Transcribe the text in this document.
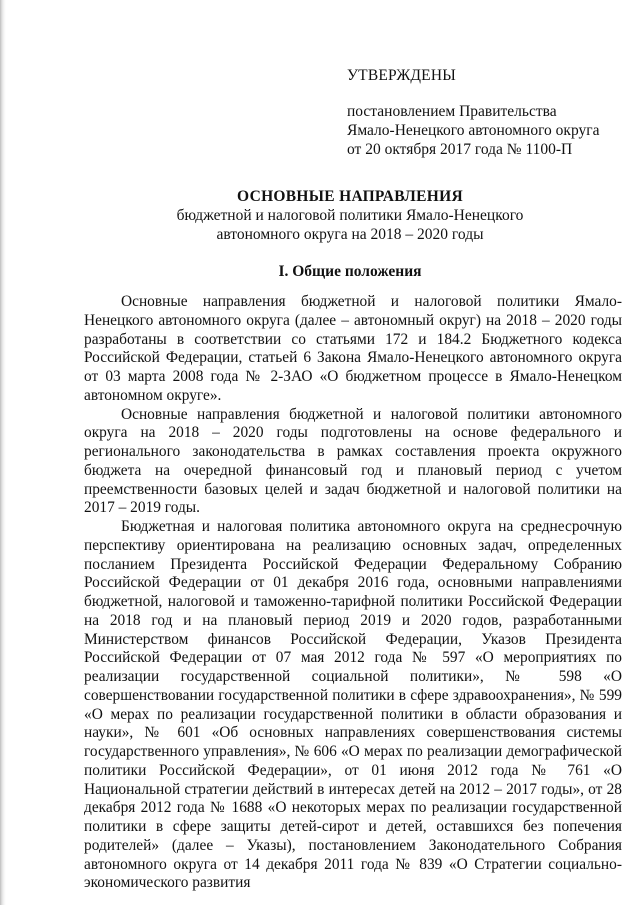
УТВЕРЖДЕНЫ
постановлением Правительства
Ямало-Ненецкого автономного округа
от 20 октября 2017 года № 1100-П
ОСНОВНЫЕ НАПРАВЛЕНИЯ
бюджетной и налоговой политики Ямало-Ненецкого
автономного округа на 2018 – 2020 годы
I. Общие положения

Основные направления бюджетной и налоговой политики Ямало-Ненецкого автономного округа (далее – автономный округ) на 2018 – 2020 годы разработаны в соответствии со статьями 172 и 184.2 Бюджетного кодекса Российской Федерации, статьей 6 Закона Ямало-Ненецкого автономного округа от 03 марта 2008 года № 2-ЗАО «О бюджетном процессе в Ямало-Ненецком автономном округе».

Основные направления бюджетной и налоговой политики автономного округа на 2018 – 2020 годы подготовлены на основе федерального и регионального законодательства в рамках составления проекта окружного бюджета на очередной финансовый год и плановый период с учетом преемственности базовых целей и задач бюджетной и налоговой политики на 2017 – 2019 годы.

Бюджетная и налоговая политика автономного округа на среднесрочную перспективу ориентирована на реализацию основных задач, определенных посланием Президента Российской Федерации Федеральному Собранию Российской Федерации от 01 декабря 2016 года, основными направлениями бюджетной, налоговой и таможенно-тарифной политики Российской Федерации на 2018 год и на плановый период 2019 и 2020 годов, разработанными Министерством финансов Российской Федерации, Указов Президента Российской Федерации от 07 мая 2012 года № 597 «О мероприятиях по реализации государственной социальной политики», № 598 «О совершенствовании государственной политики в сфере здравоохранения», № 599 «О мерах по реализации государственной политики в области образования и науки», № 601 «Об основных направлениях совершенствования системы государственного управления», № 606 «О мерах по реализации демографической политики Российской Федерации», от 01 июня 2012 года № 761 «О Национальной стратегии действий в интересах детей на 2012 – 2017 годы», от 28 декабря 2012 года № 1688 «О некоторых мерах по реализации государственной политики в сфере защиты детей-сирот и детей, оставшихся без попечения родителей» (далее – Указы), постановлением Законодательного Собрания автономного округа от 14 декабря 2011 года № 839 «О Стратегии социально-экономического развития
